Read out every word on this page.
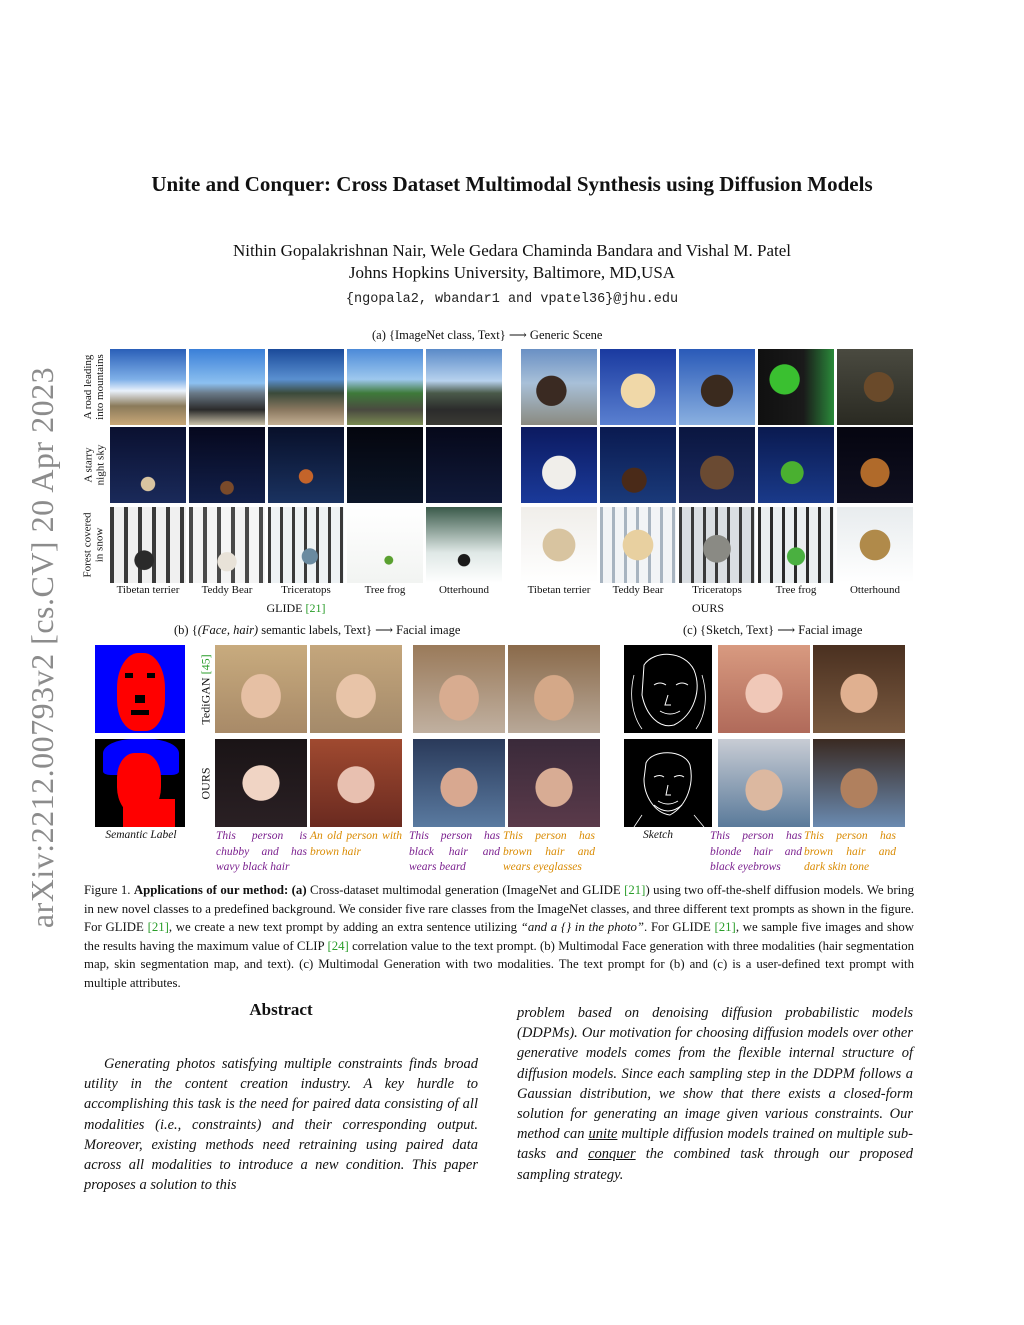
arXiv:2212.00793v2 [cs.CV] 20 Apr 2023
Unite and Conquer: Cross Dataset Multimodal Synthesis using Diffusion Models
Nithin Gopalakrishnan Nair, Wele Gedara Chaminda Bandara and Vishal M. Patel
Johns Hopkins University, Baltimore, MD,USA
{ngopala2, wbandar1 and vpatel36}@jhu.edu
(a) {ImageNet class, Text} ⟶ Generic Scene
A road leading
into mountains
A starry
night sky
Forest covered
in snow
Tibetan terrier	Teddy Bear	Triceratops	Tree frog	Otterhound	Tibetan terrier	Teddy Bear	Triceratops	Tree frog	Otterhound
GLIDE [21]	OURS
(b) {(Face, hair) semantic labels, Text} ⟶ Facial image
TediGAN [45]
OURS
Semantic Label	This person is chubby and has wavy black hair
An old person with brown hair
This person has black hair and wears beard
This person has brown hair and wears eyeglasses
(c) {Sketch, Text} ⟶ Facial image
Sketch	This person has blonde hair and black eyebrows
This person has brown hair and dark skin tone
Figure 1. Applications of our method: (a) Cross-dataset multimodal generation (ImageNet and GLIDE [21]) using two off-the-shelf diffusion models. We bring in new novel classes to a predefined background. We consider five rare classes from the ImageNet classes, and three different text prompts as shown in the figure. For GLIDE [21], we create a new text prompt by adding an extra sentence utilizing “and a {} in the photo”. For GLIDE [21], we sample five images and show the results having the maximum value of CLIP [24] correlation value to the text prompt. (b) Multimodal Face generation with three modalities (hair segmentation map, skin segmentation map, and text). (c) Multimodal Generation with two modalities. The text prompt for (b) and (c) is a user-defined text prompt with multiple attributes.
Abstract
Generating photos satisfying multiple constraints finds broad utility in the content creation industry. A key hurdle to accomplishing this task is the need for paired data consisting of all modalities (i.e., constraints) and their corresponding output. Moreover, existing methods need retraining using paired data across all modalities to introduce a new condition. This paper proposes a solution to this
problem based on denoising diffusion probabilistic models (DDPMs). Our motivation for choosing diffusion models over other generative models comes from the flexible internal structure of diffusion models. Since each sampling step in the DDPM follows a Gaussian distribution, we show that there exists a closed-form solution for generating an image given various constraints. Our method can unite multiple diffusion models trained on multiple sub-tasks and conquer the combined task through our proposed sampling strategy.
